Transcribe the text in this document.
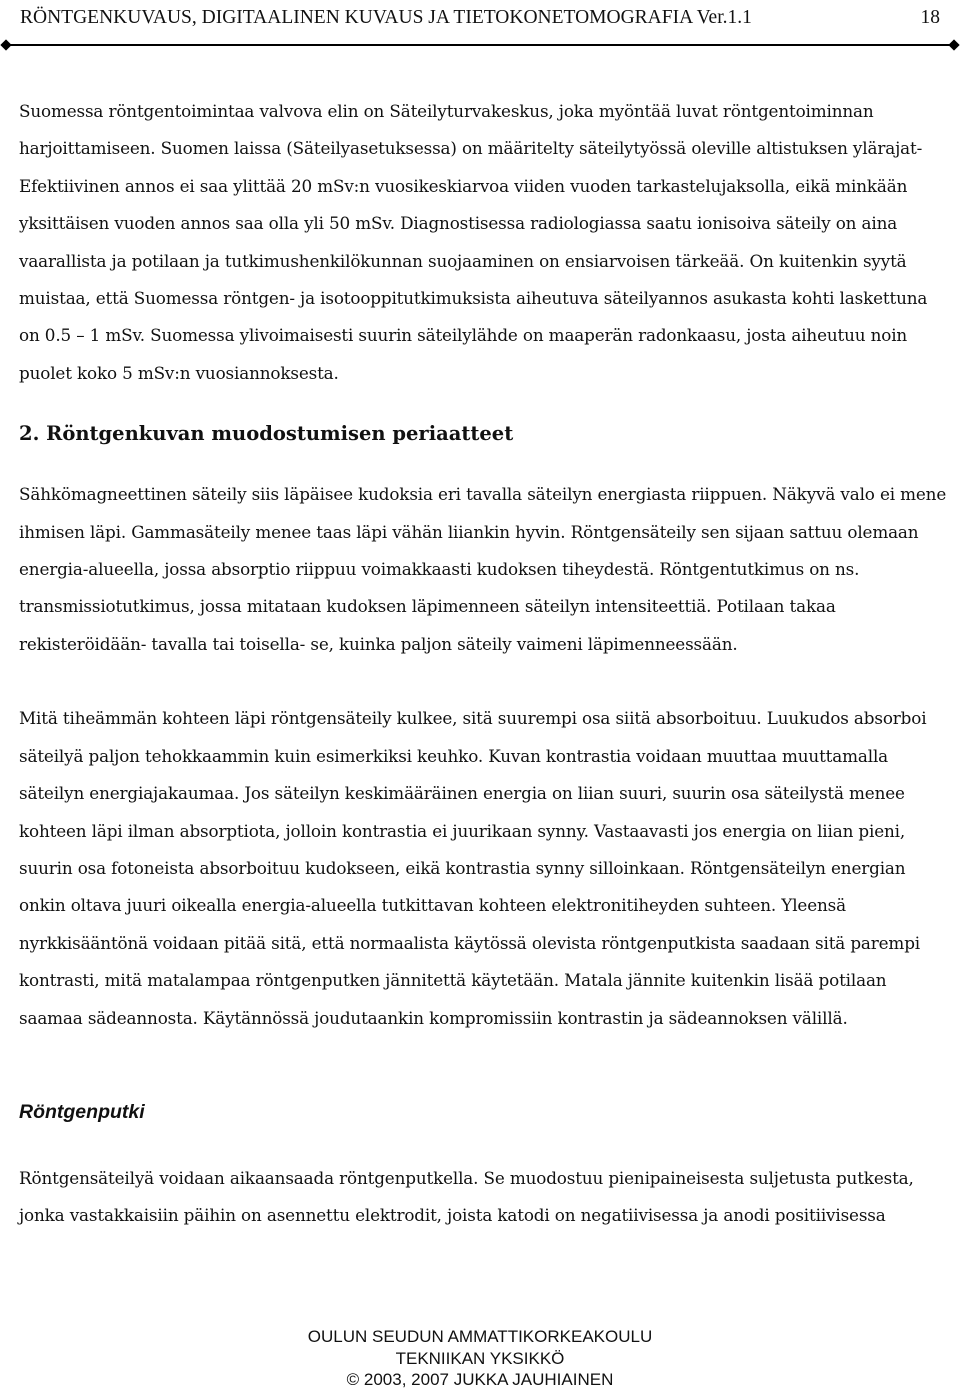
RÖNTGENKUVAUS, DIGITAALINEN KUVAUS JA TIETOKONETOMOGRAFIA Ver.1.1	18

Suomessa röntgentoimintaa valvova elin on Säteilyturvakeskus, joka myöntää luvat röntgentoiminnan
harjoittamiseen. Suomen laissa (Säteilyasetuksessa) on määritelty säteilytyössä oleville altistuksen ylärajat-
Efektiivinen annos ei saa ylittää 20 mSv:n vuosikeskiarvoa viiden vuoden tarkastelujaksolla, eikä minkään
yksittäisen vuoden annos saa olla yli 50 mSv. Diagnostisessa radiologiassa saatu ionisoiva säteily on aina
vaarallista ja potilaan ja tutkimushenkilökunnan suojaaminen on ensiarvoisen tärkeää. On kuitenkin syytä
muistaa, että Suomessa röntgen- ja isotooppitutkimuksista aiheutuva säteilyannos asukasta kohti laskettuna
on 0.5 – 1 mSv. Suomessa ylivoimaisesti suurin säteilylähde on maaperän radonkaasu, josta aiheutuu noin
puolet koko 5 mSv:n vuosiannoksesta.

2. Röntgenkuvan muodostumisen periaatteet

Sähkömagneettinen säteily siis läpäisee kudoksia eri tavalla säteilyn energiasta riippuen. Näkyvä valo ei mene
ihmisen läpi. Gammasäteily menee taas läpi vähän liiankin hyvin. Röntgensäteily sen sijaan sattuu olemaan
energia-alueella, jossa absorptio riippuu voimakkaasti kudoksen tiheydestä. Röntgentutkimus on ns.
transmissiotutkimus, jossa mitataan kudoksen läpimenneen säteilyn intensiteettiä. Potilaan takaa
rekisteröidään- tavalla tai toisella- se, kuinka paljon säteily vaimeni läpimenneessään.

Mitä tiheämmän kohteen läpi röntgensäteily kulkee, sitä suurempi osa siitä absorboituu. Luukudos absorboi
säteilyä paljon tehokkaammin kuin esimerkiksi keuhko. Kuvan kontrastia voidaan muuttaa muuttamalla
säteilyn energiajakaumaa. Jos säteilyn keskimääräinen energia on liian suuri, suurin osa säteilystä menee
kohteen läpi ilman absorptiota, jolloin kontrastia ei juurikaan synny. Vastaavasti jos energia on liian pieni,
suurin osa fotoneista absorboituu kudokseen, eikä kontrastia synny silloinkaan. Röntgensäteilyn energian
onkin oltava juuri oikealla energia-alueella tutkittavan kohteen elektronitiheyden suhteen. Yleensä
nyrkkisääntönä voidaan pitää sitä, että normaalista käytössä olevista röntgenputkista saadaan sitä parempi
kontrasti, mitä matalampaa röntgenputken jännitettä käytetään. Matala jännite kuitenkin lisää potilaan
saamaa sädeannosta. Käytännössä joudutaankin kompromissiin kontrastin ja sädeannoksen välillä.

Röntgenputki

Röntgensäteilyä voidaan aikaansaada röntgenputkella. Se muodostuu pienipaineisesta suljetusta putkesta,
jonka vastakkaisiin päihin on asennettu elektrodit, joista katodi on negatiivisessa ja anodi positiivisessa

OULUN SEUDUN AMMATTIKORKEAKOULU
TEKNIIKAN YKSIKKÖ
© 2003, 2007 JUKKA JAUHIAINEN
